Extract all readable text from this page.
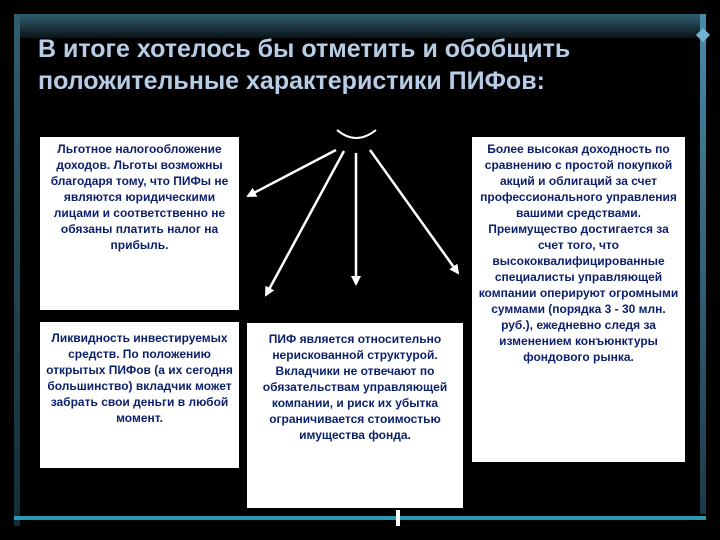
В итоге хотелось бы отметить и обобщить положительные характеристики ПИФов:
Льготное налогообложение доходов. Льготы возможны благодаря тому, что ПИФы не являются юридическими лицами и соответственно не обязаны платить налог на прибыль.
Ликвидность инвестируемых средств. По положению открытых ПИФов (а их сегодня большинство) вкладчик может забрать свои деньги в любой момент.
ПИФ является относительно нерискованной структурой. Вкладчики не отвечают по обязательствам управляющей компании, и риск их убытка ограничивается стоимостью имущества фонда.
Более высокая доходность по сравнению с простой покупкой акций и облигаций за счет профессионального управления вашими средствами. Преимущество достигается за счет того, что высококвалифицированные специалисты управляющей компании оперируют огромными суммами (порядка 3 - 30 млн. руб.), ежедневно следя за изменением конъюнктуры фондового рынка.
